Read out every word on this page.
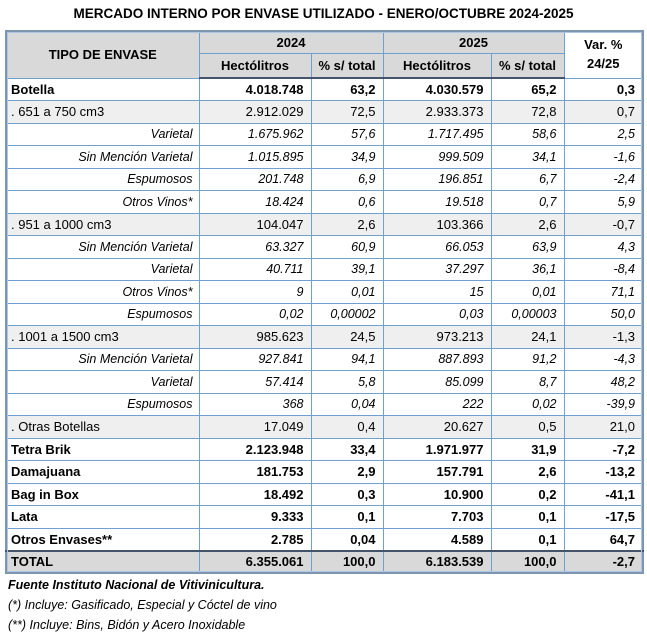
MERCADO INTERNO POR ENVASE UTILIZADO - ENERO/OCTUBRE 2024-2025
TIPO DE ENVASE	2024		2025		Var. %
24/25
	Hectólitros	% s/ total	Hectólitros	% s/ total	
Botella	4.018.748	63,2	4.030.579	65,2	0,3
. 651 a 750 cm3	2.912.029	72,5	2.933.373	72,8	0,7
Varietal	1.675.962	57,6	1.717.495	58,6	2,5
Sin Mención Varietal	1.015.895	34,9	999.509	34,1	-1,6
Espumosos	201.748	6,9	196.851	6,7	-2,4
Otros Vinos*	18.424	0,6	19.518	0,7	5,9
. 951 a 1000 cm3	104.047	2,6	103.366	2,6	-0,7
Sin Mención Varietal	63.327	60,9	66.053	63,9	4,3
Varietal	40.711	39,1	37.297	36,1	-8,4
Otros Vinos*	9	0,01	15	0,01	71,1
Espumosos	0,02	0,00002	0,03	0,00003	50,0
. 1001 a 1500 cm3	985.623	24,5	973.213	24,1	-1,3
Sin Mención Varietal	927.841	94,1	887.893	91,2	-4,3
Varietal	57.414	5,8	85.099	8,7	48,2
Espumosos	368	0,04	222	0,02	-39,9
. Otras Botellas	17.049	0,4	20.627	0,5	21,0
Tetra Brik	2.123.948	33,4	1.971.977	31,9	-7,2
Damajuana	181.753	2,9	157.791	2,6	-13,2
Bag in Box	18.492	0,3	10.900	0,2	-41,1
Lata	9.333	0,1	7.703	0,1	-17,5
Otros Envases**	2.785	0,04	4.589	0,1	64,7
TOTAL	6.355.061	100,0	6.183.539	100,0	-2,7
Fuente Instituto Nacional de Vitivinicultura.
(*) Incluye: Gasificado, Especial y Cóctel de vino
(**) Incluye: Bins, Bidón y Acero Inoxidable
